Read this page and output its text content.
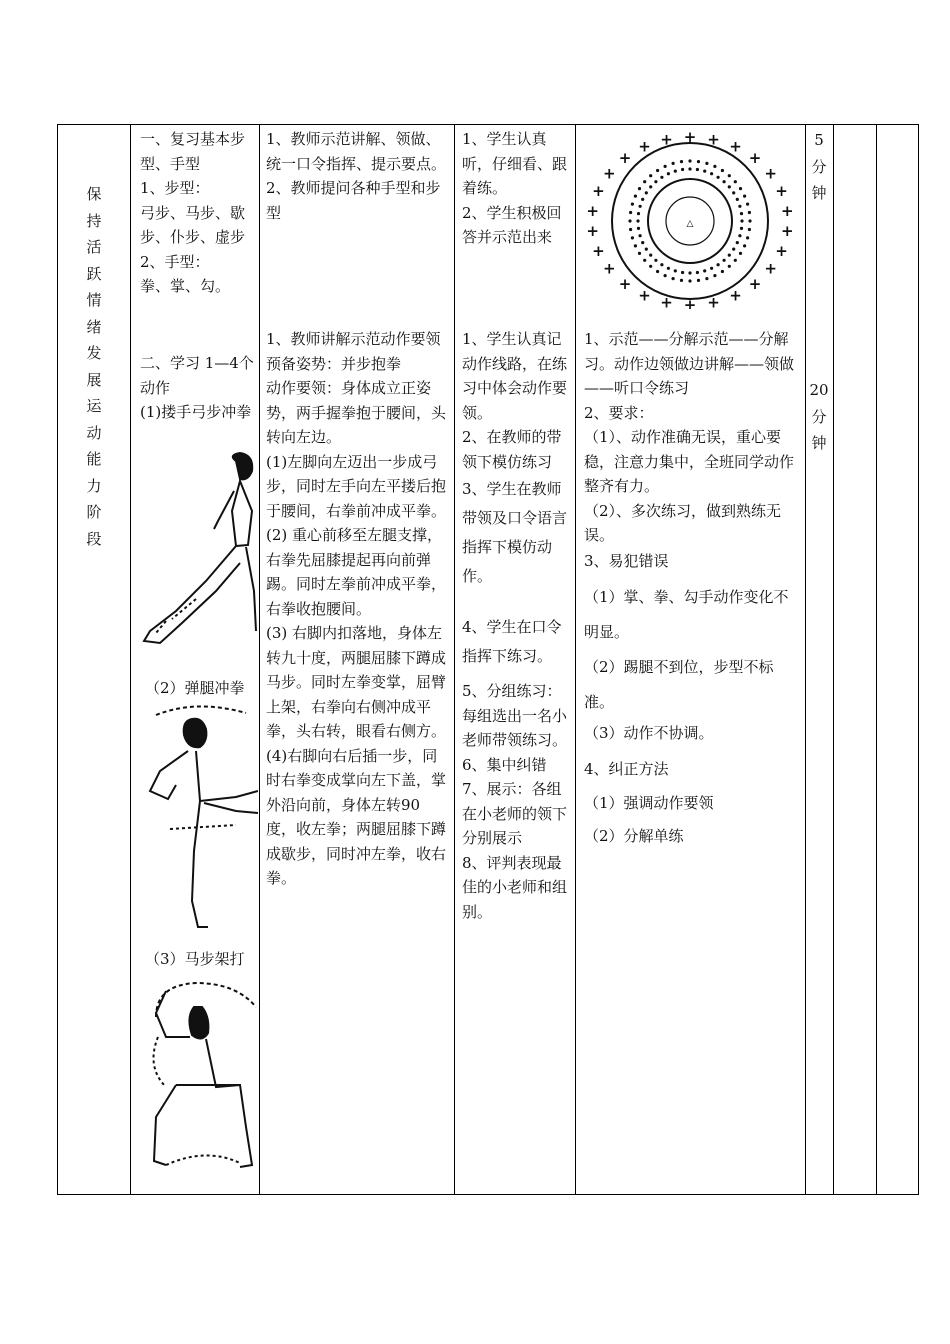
保持活跃情绪发展运动能力阶段
一、复习基本步型、手型
1、步型：
弓步、马步、歇步、仆步、虚步
2、手型：
拳、掌、勾。
二、学习 1—4个动作
(1)搂手弓步冲拳
（2）弹腿冲拳
（3）马步架打
1、教师示范讲解、领做、统一口令指挥、提示要点。
2、教师提问各种手型和步型
1、教师讲解示范动作要领
预备姿势：并步抱拳
动作要领：身体成立正姿势，两手握拳抱于腰间，头转向左边。
(1)左脚向左迈出一步成弓步，同时左手向左平搂后抱于腰间，右拳前冲成平拳。
(2) 重心前移至左腿支撑，右拳先屈膝提起再向前弹踢。同时左拳前冲成平拳，右拳收抱腰间。
(3) 右脚内扣落地，身体左转九十度，两腿屈膝下蹲成马步。同时左拳变掌，屈臂上架，右拳向右侧冲成平拳，头右转，眼看右侧方。
(4)右脚向右后插一步，同时右拳变成掌向左下盖，掌外沿向前，身体左转90度，收左拳；两腿屈膝下蹲成歇步，同时冲左拳，收右拳。
1、学生认真听，仔细看、跟着练。
2、学生积极回答并示范出来
1、学生认真记动作线路，在练习中体会动作要领。
2、在教师的带领下模仿练习
3、学生在教师带领及口令语言指挥下模仿动作。
4、学生在口令指挥下练习。
5、分组练习：每组选出一名小老师带领练习。
6、集中纠错
7、展示：各组在小老师的领下分别展示
8、评判表现最佳的小老师和组别。
+ + +
+
+
+
+
+
+
+
+
+
+
+
+
+
+
+
+
+
+
+
+
+
+ +
△
1、示范——分解示范——分解习。动作边领做边讲解——领做——听口令练习
2、要求：
（1）、动作准确无误，重心要稳，注意力集中，全班同学动作整齐有力。
（2）、多次练习，做到熟练无误。
3、易犯错误
（1）掌、拳、勾手动作变化不明显。
（2）踢腿不到位，步型不标准。
（3）动作不协调。
4、纠正方法
（1）强调动作要领
（2）分解单练
5分钟
20分钟
